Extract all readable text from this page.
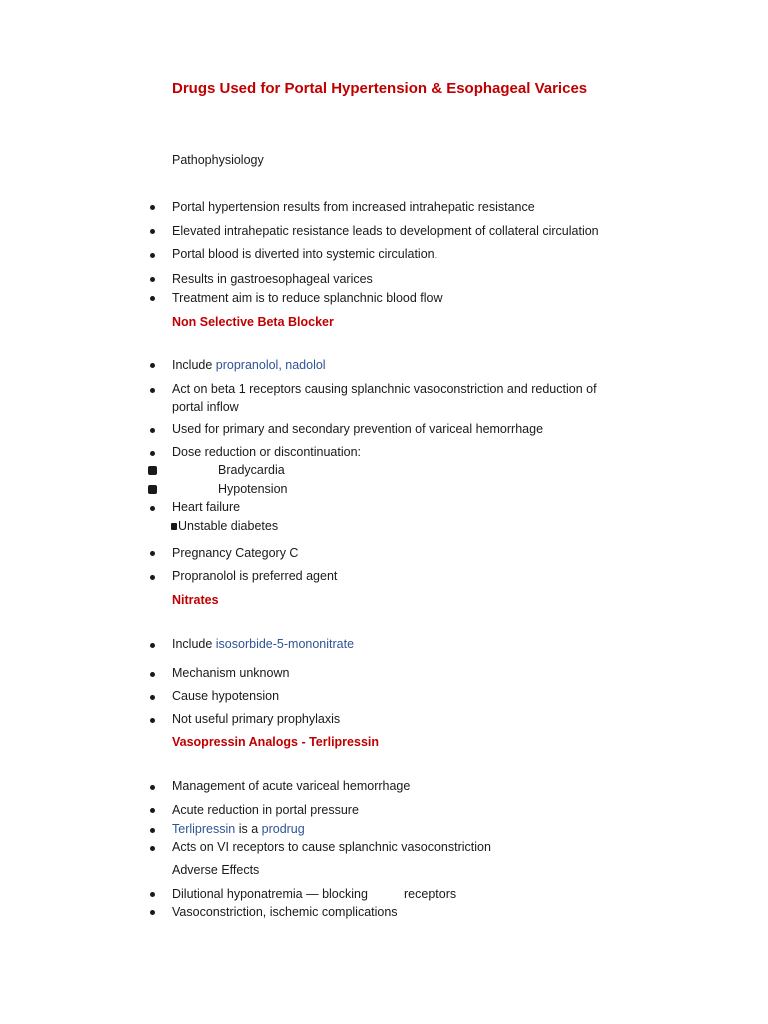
Drugs Used for Portal Hypertension & Esophageal Varices
Pathophysiology
Portal hypertension results from increased intrahepatic resistance
Elevated intrahepatic resistance leads to development of collateral circulation
Portal blood is diverted into systemic circulation.
Results in gastroesophageal varices
Treatment aim is to reduce splanchnic blood flow
Non Selective Beta Blocker
Include propranolol, nadolol
Act on beta 1 receptors causing splanchnic vasoconstriction and reduction of
portal inflow
Used for primary and secondary prevention of variceal hemorrhage
Dose reduction or discontinuation:
Bradycardia
Hypotension
Heart failure
Unstable diabetes
Pregnancy Category C
Propranolol is preferred agent
Nitrates
Include isosorbide-5-mononitrate
Mechanism unknown
Cause hypotension
Not useful primary prophylaxis
Vasopressin Analogs - Terlipressin
Management of acute variceal hemorrhage
Acute reduction in portal pressure
Terlipressin is a prodrug
Acts on VI receptors to cause splanchnic vasoconstriction
Adverse Effects
Dilutional hyponatremia — blocking	receptors
Vasoconstriction, ischemic complications
